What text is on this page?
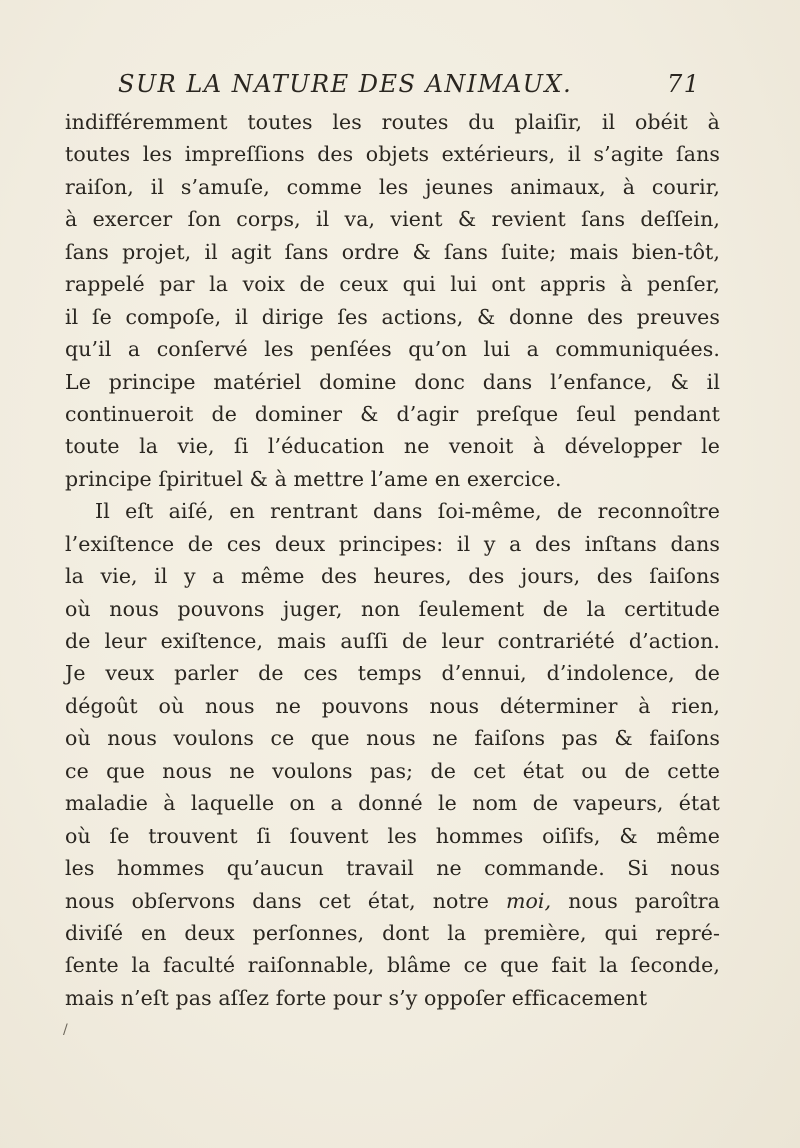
SUR LA NATURE DES ANIMAUX.	71
indifféremment toutes les routes du plaiſir, il obéit à
toutes les impreſſions des objets extérieurs, il s’agite ſans
raiſon, il s’amuſe, comme les jeunes animaux, à courir,
à exercer ſon corps, il va, vient & revient ſans deſſein,
ſans projet, il agit ſans ordre & ſans ſuite; mais bien-tôt,
rappelé par la voix de ceux qui lui ont appris à penſer,
il ſe compoſe, il dirige ſes actions, & donne des preuves
qu’il a conſervé les penſées qu’on lui a communiquées.
Le principe matériel domine donc dans l’enfance, & il
continueroit de dominer & d’agir preſque ſeul pendant
toute la vie, ſi l’éducation ne venoit à développer le
principe ſpirituel & à mettre l’ame en exercice.
Il eſt aiſé, en rentrant dans ſoi-même, de reconnoître
l’exiſtence de ces deux principes: il y a des inſtans dans
la vie, il y a même des heures, des jours, des ſaiſons
où nous pouvons juger, non ſeulement de la certitude
de leur exiſtence, mais auſſi de leur contrariété d’action.
Je veux parler de ces temps d’ennui, d’indolence, de
dégoût où nous ne pouvons nous déterminer à rien,
où nous voulons ce que nous ne faiſons pas & faiſons
ce que nous ne voulons pas; de cet état ou de cette
maladie à laquelle on a donné le nom de vapeurs, état
où ſe trouvent ſi ſouvent les hommes oiſifs, & même
les hommes qu’aucun travail ne commande. Si nous
nous obſervons dans cet état, notre moi, nous paroîtra
diviſé en deux perſonnes, dont la première, qui repré-
ſente la faculté raiſonnable, blâme ce que fait la ſeconde,
mais n’eſt pas aſſez forte pour s’y oppoſer efficacement
/
